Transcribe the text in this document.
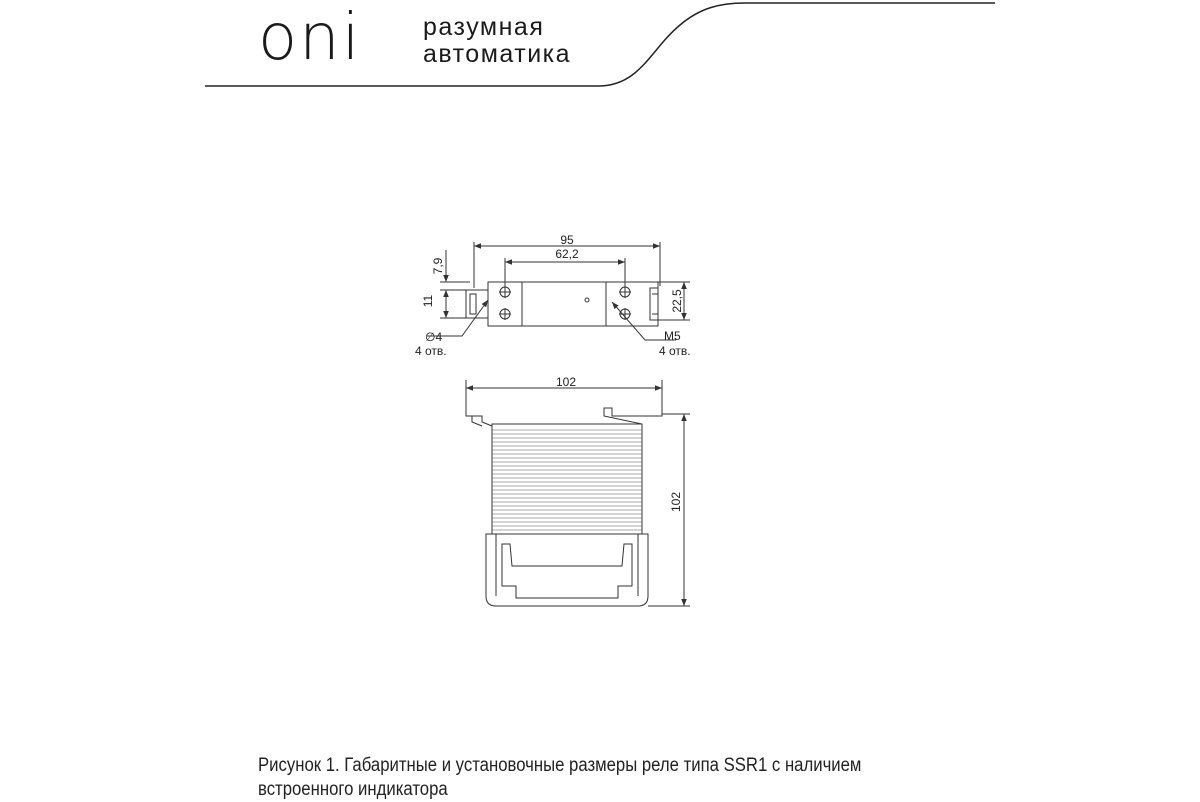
oni разумная
автоматика
95
62,2
7,9
11	22,5
∅4
4 отв.
M5
4 отв.
102
102
Рисунок 1. Габаритные и установочные размеры реле типа SSR1 с наличием
встроенного индикатора
